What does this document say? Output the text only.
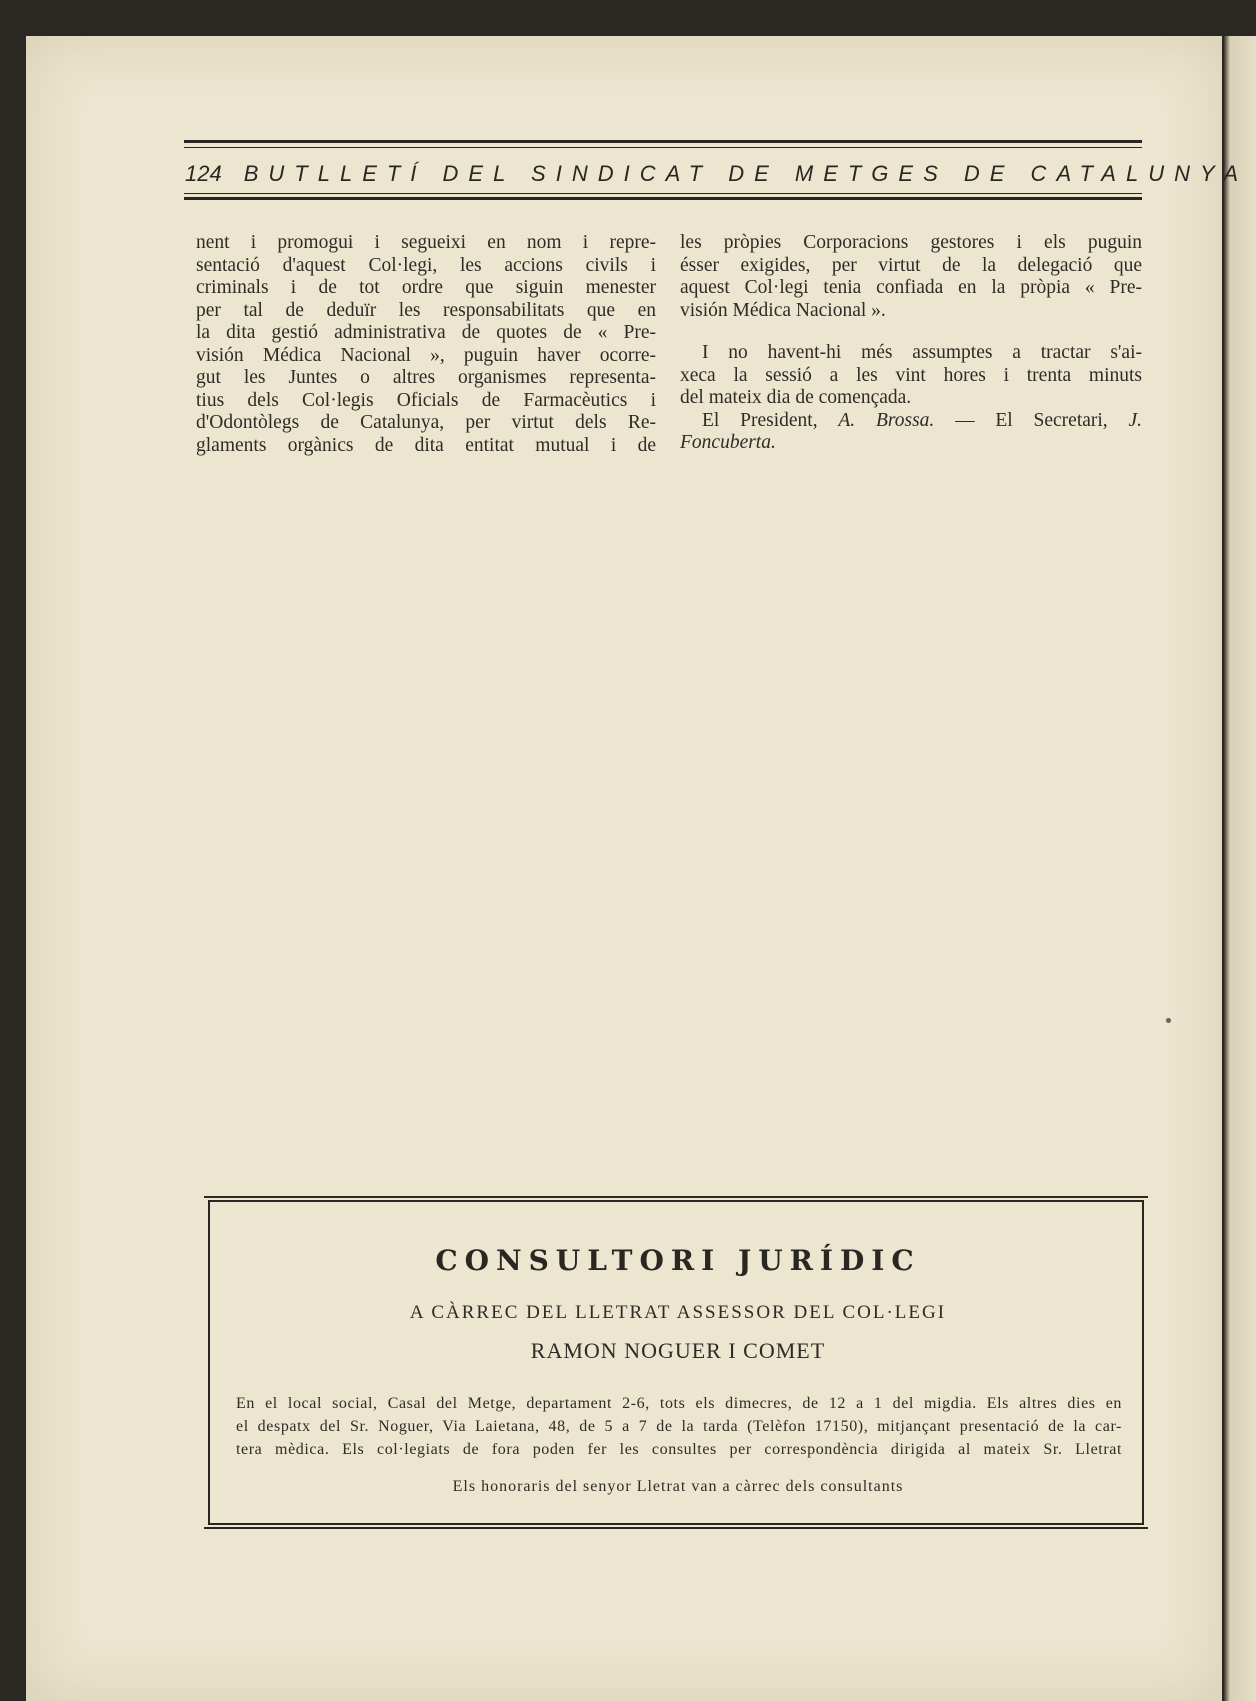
124 BUTLLETÍ DEL SINDICAT DE METGES DE CATALUNYA
nent i promogui i segueixi en nom i repre-
sentació d'aquest Col·legi, les accions civils i
criminals i de tot ordre que siguin menester
per tal de deduïr les responsabilitats que en
la dita gestió administrativa de quotes de « Pre-
visión Médica Nacional », puguin haver ocorre-
gut les Juntes o altres organismes representa-
tius dels Col·legis Oficials de Farmacèutics i
d'Odontòlegs de Catalunya, per virtut dels Re-
glaments orgànics de dita entitat mutual i de
les pròpies Corporacions gestores i els puguin
ésser exigides, per virtut de la delegació que
aquest Col·legi tenia confiada en la pròpia « Pre-
visión Médica Nacional ».
I no havent-hi més assumptes a tractar s'ai-
xeca la sessió a les vint hores i trenta minuts
del mateix dia de començada.
El President, A. Brossa. — El Secretari, J.
Foncuberta.
CONSULTORI JURÍDIC
A CÀRREC DEL LLETRAT ASSESSOR DEL COL·LEGI
RAMON NOGUER I COMET
En el local social, Casal del Metge, departament 2-6, tots els dimecres, de 12 a 1 del migdia. Els altres dies en
el despatx del Sr. Noguer, Via Laietana, 48, de 5 a 7 de la tarda (Telèfon 17150), mitjançant presentació de la car-
tera mèdica. Els col·legiats de fora poden fer les consultes per correspondència dirigida al mateix Sr. Lletrat
Els honoraris del senyor Lletrat van a càrrec dels consultants
